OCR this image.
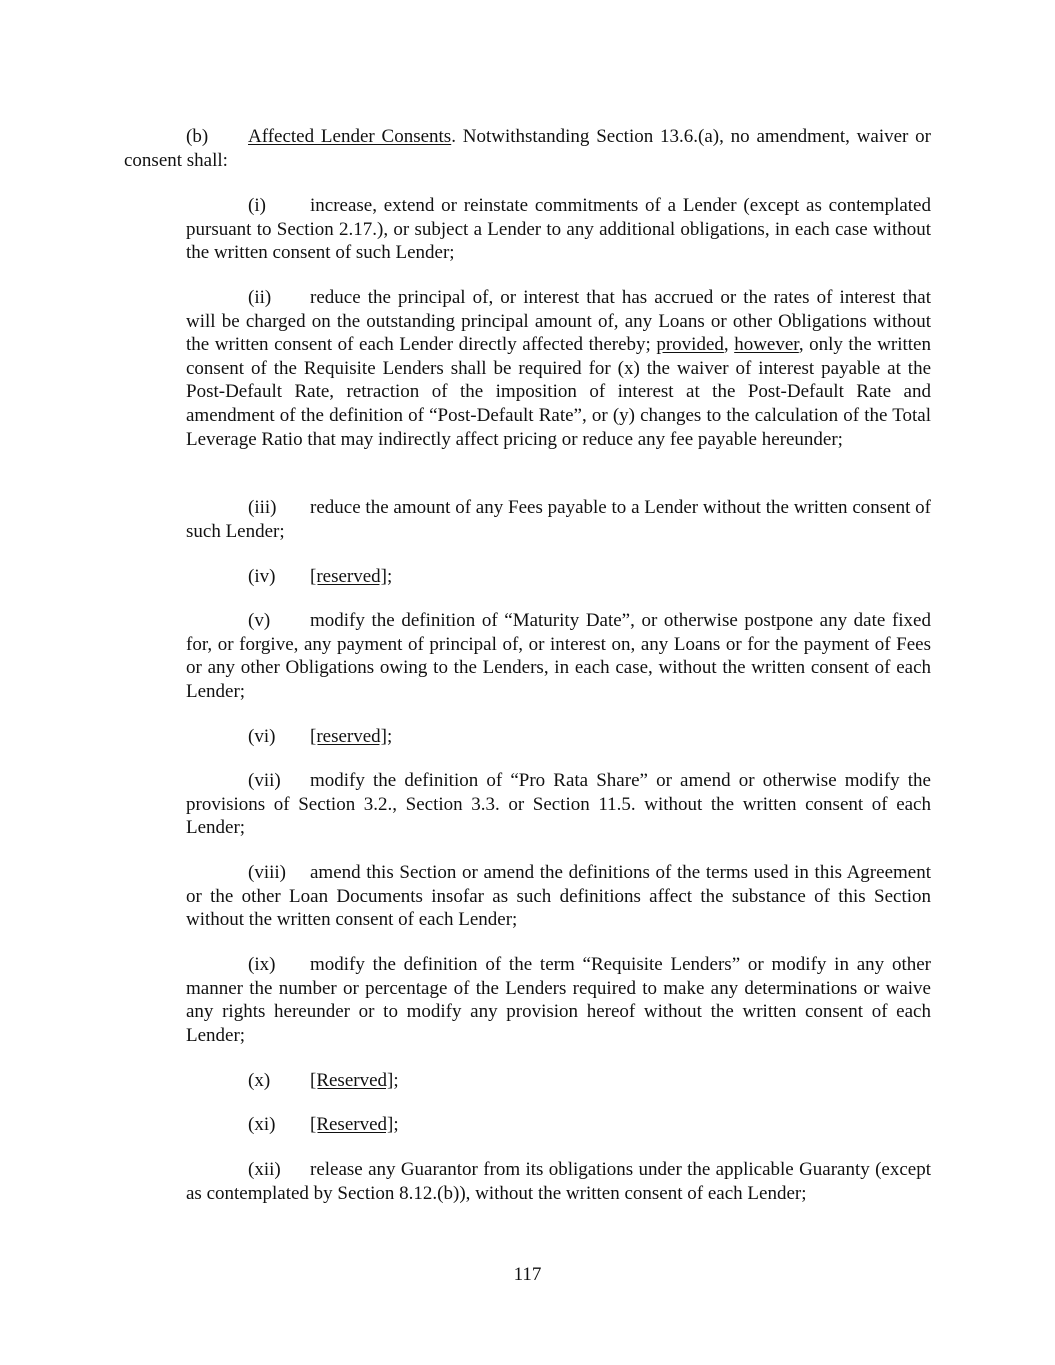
(b) Affected Lender Consents. Notwithstanding Section 13.6.(a), no amendment, waiver or consent shall:

(i) increase, extend or reinstate commitments of a Lender (except as contemplated pursuant to Section 2.17.), or subject a Lender to any additional obligations, in each case without the written consent of such Lender;

(ii) reduce the principal of, or interest that has accrued or the rates of interest that will be charged on the outstanding principal amount of, any Loans or other Obligations without the written consent of each Lender directly affected thereby; provided, however, only the written consent of the Requisite Lenders shall be required for (x) the waiver of interest payable at the Post-Default Rate, retraction of the imposition of interest at the Post-Default Rate and amendment of the definition of “Post-Default Rate”, or (y) changes to the calculation of the Total Leverage Ratio that may indirectly affect pricing or reduce any fee payable hereunder;

(iii) reduce the amount of any Fees payable to a Lender without the written consent of such Lender;

(iv) [reserved];

(v) modify the definition of “Maturity Date”, or otherwise postpone any date fixed for, or forgive, any payment of principal of, or interest on, any Loans or for the payment of Fees or any other Obligations owing to the Lenders, in each case, without the written consent of each Lender;

(vi) [reserved];

(vii) modify the definition of “Pro Rata Share” or amend or otherwise modify the provisions of Section 3.2., Section 3.3. or Section 11.5. without the written consent of each Lender;

(viii) amend this Section or amend the definitions of the terms used in this Agreement or the other Loan Documents insofar as such definitions affect the substance of this Section without the written consent of each Lender;

(ix) modify the definition of the term “Requisite Lenders” or modify in any other manner the number or percentage of the Lenders required to make any determinations or waive any rights hereunder or to modify any provision hereof without the written consent of each Lender;

(x) [Reserved];

(xi) [Reserved];

(xii) release any Guarantor from its obligations under the applicable Guaranty (except as contemplated by Section 8.12.(b)), without the written consent of each Lender;

117
